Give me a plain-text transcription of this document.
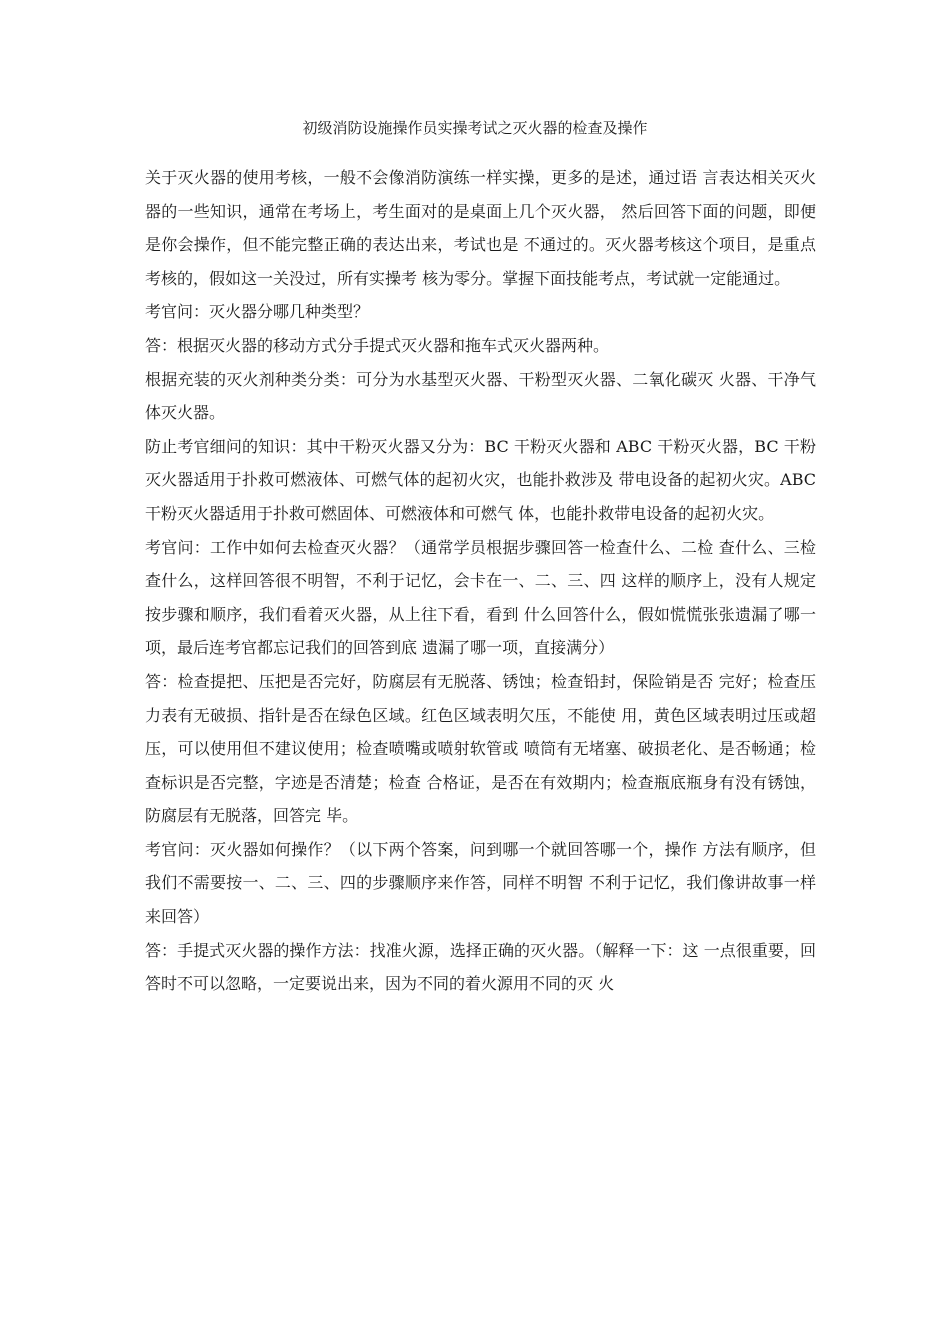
初级消防设施操作员实操考试之灭火器的检查及操作

关于灭火器的使用考核，一般不会像消防演练一样实操，更多的是述，通过语 言表达相关灭火器的一些知识，通常在考场上，考生面对的是桌面上几个灭火器， 然后回答下面的问题，即便是你会操作，但不能完整正确的表达出来，考试也是 不通过的。灭火器考核这个项目，是重点考核的，假如这一关没过，所有实操考 核为零分。掌握下面技能考点，考试就一定能通过。

考官问：灭火器分哪几种类型？

答：根据灭火器的移动方式分手提式灭火器和拖车式灭火器两种。

根据充装的灭火剂种类分类：可分为水基型灭火器、干粉型灭火器、二氧化碳灭 火器、干净气体灭火器。

防止考官细问的知识：其中干粉灭火器又分为：BC 干粉灭火器和 ABC 干粉灭火器，BC 干粉灭火器适用于扑救可燃液体、可燃气体的起初火灾，也能扑救涉及 带电设备的起初火灾。ABC 干粉灭火器适用于扑救可燃固体、可燃液体和可燃气 体，也能扑救带电设备的起初火灾。

考官问：工作中如何去检查灭火器？（通常学员根据步骤回答一检查什么、二检 查什么、三检查什么，这样回答很不明智，不利于记忆，会卡在一、二、三、四 这样的顺序上，没有人规定按步骤和顺序，我们看着灭火器，从上往下看，看到 什么回答什么，假如慌慌张张遗漏了哪一项，最后连考官都忘记我们的回答到底 遗漏了哪一项，直接满分）

答：检查提把、压把是否完好，防腐层有无脱落、锈蚀；检查铅封，保险销是否 完好；检查压力表有无破损、指针是否在绿色区域。红色区域表明欠压，不能使 用，黄色区域表明过压或超压，可以使用但不建议使用；检查喷嘴或喷射软管或 喷筒有无堵塞、破损老化、是否畅通；检查标识是否完整，字迹是否清楚；检查 合格证，是否在有效期内；检查瓶底瓶身有没有锈蚀，防腐层有无脱落，回答完 毕。

考官问：灭火器如何操作？（以下两个答案，问到哪一个就回答哪一个，操作 方法有顺序，但我们不需要按一、二、三、四的步骤顺序来作答，同样不明智 不利于记忆，我们像讲故事一样来回答）

答：手提式灭火器的操作方法：找准火源，选择正确的灭火器。（解释一下：这 一点很重要，回答时不可以忽略，一定要说出来，因为不同的着火源用不同的灭 火
